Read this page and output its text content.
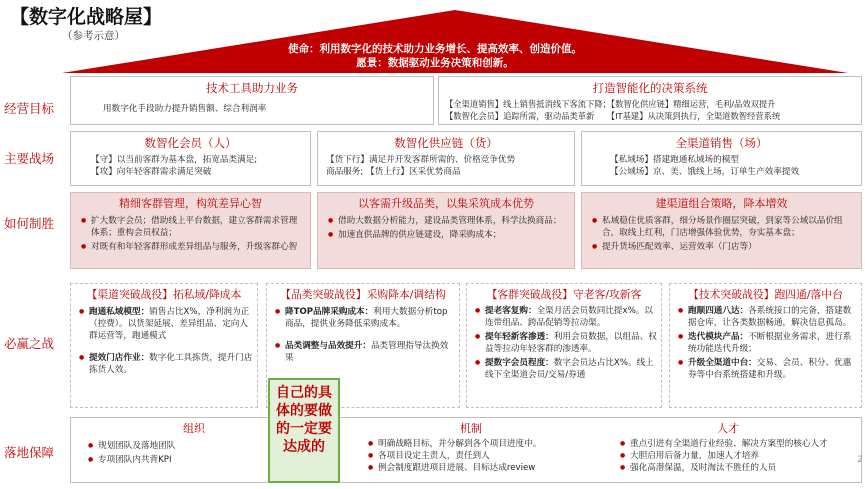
【数字化战略屋】
（参考示意）
使命：利用数字化的技术助力业务增长、提高效率、创造价值。
愿景：数据驱动业务决策和创新。
经营目标
主要战场
如何制胜
必赢之战
落地保障
技术工具助力业务
用数字化手段助力提升销售额、综合利润率
打造智能化的决策系统
【全渠道销售】线上销售抵消线下客流下降；【数智化供应链】精细运营，毛利/品效双提升
【数智化会员】追踪所需，驱动品类革新　　【IT基建】从决策到执行，全渠道数智经营系统
数智化会员（人）
【守】以当前客群为基本盘，拓宽品类满足;
【攻】向年轻客群需求满足突破
数智化供应链（货）
【货下行】满足并开发客群所需的、价格竞争优势
商品服务; 【货上行】区采优势商品
全渠道销售（场）
【私域场】搭建跑通私域场的模型
【公域场】京、美、饿线上场，订单生产效率提效
精细客群管理，构筑差异心智
● 扩大数字会员；借助线上平台数据，建立客群需求管理体系；重构会员权益；
● 对既有和年轻客群形成差异组品与服务，升级客群心智
以客需升级品类，以集采筑成本优势
● 借助大数据分析能力，建设品类管理体系，科学汰换商品；
● 加速直供品牌的供应链建设，降采购成本；
建渠道组合策略，降本增效
● 私域稳住优质客群，细分场景作圈层突破，到家等公域以品价组合，取线上红利，门店增强体验优势，夯实基本盘；
● 提升货场匹配效率、运营效率（门店等）
【渠道突破战役】拓私域/降成本
● 跑通私域模型：销售占比X%，净利润为正（控费）。以货架延展、差异组品、定向人群运营等，跑通模式
● 提效门店作业：数字化工具拣货，提升门店拣货人效。
【品类突破战役】采购降本/调结构
● 降TOP品牌采购成本：利用大数据分析top商品，提供业务降低采购成本。
● 品类调整与品效提升：品类管理指导汰换效果
【客群突破战役】守老客/攻新客
● 提老客复购：全渠月活会员数同比提x%。以连带组品、跨品促销等拉动渠。
● 提年轻新客渗透：利用会员数据，以组品、权益等拉动年轻客群的渗透率。
● 提数字会员程度：数字会员达占比X%。线上线下全渠道会员/交易/券通
【技术突破战役】跑四通/落中台
● 跑顺四通八达：各系统接口的完备，搭建数据仓库，让各类数据畅通，解决信息孤岛。
● 迭代模块产品：不断根据业务需求，进行系统功能迭代升级；
● 升级全渠道中台：交易、会员、积分、优惠券等中台系统搭建和升级。
组织
● 规划团队及落地团队
● 专项团队内共背KPI
机制
● 明确战略目标，并分解到各个项目进度中。
● 各项目设定主责人，责任到人
● 例会制度跟进项目进展、目标达成review
人才
● 重点引进有全渠道行业经验、解决方案型的核心人才
● 大胆启用后备力量，加速人才培养
● 强化高潜保温，及时淘汰不胜任的人员
自己的具体的要做的一定要达成的
2
